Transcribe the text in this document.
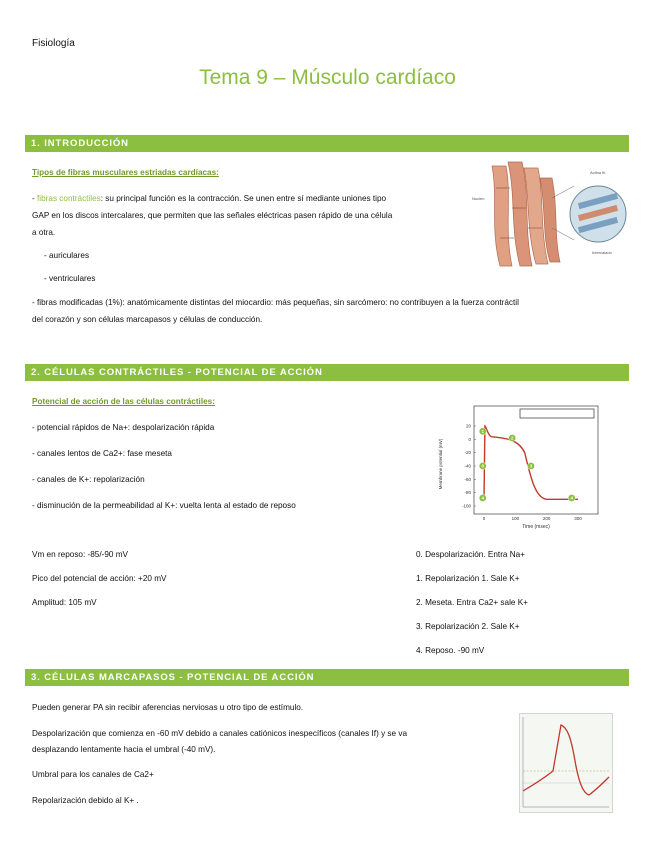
Fisiología
Tema 9 – Músculo cardíaco
1. INTRODUCCIÓN
Tipos de fibras musculares estriadas cardíacas:
- fibras contráctiles: su principal función es la contracción. Se unen entre sí mediante uniones tipo
GAP en los discos intercalares, que permiten que las señales eléctricas pasen rápido de una célula
a otra.
- auriculares
- ventriculares
- fibras modificadas (1%): anatómicamente distintas del miocardio: más pequeñas, sin sarcómero: no contribuyen a la fuerza contráctil
del corazón y son células marcapasos y células de conducción.
Nucleo
Actina fil.
Intercalado
2. CÉLULAS CONTRÁCTILES - POTENCIAL DE ACCIÓN
Potencial de acción de las células contráctiles:
- potencial rápidos de Na+: despolarización rápida
- canales lentos de Ca2+: fase meseta
- canales de K+: repolarización
- disminución de la permeabilidad al K+: vuelta lenta al estado de reposo
20
0
-20
-40
-60
-80
-100
0	100	200	300
1
2
0	3
4	4
Membrane potential (mV)
Time (msec)
Vm en reposo: -85/-90 mV
Pico del potencial de acción: +20 mV
Amplitud: 105 mV
0. Despolarización. Entra Na+
1. Repolarización 1. Sale K+
2. Meseta. Entra Ca2+ sale K+
3. Repolarización 2. Sale K+
4. Reposo. -90 mV
3. CÉLULAS MARCAPASOS - POTENCIAL DE ACCIÓN
Pueden generar PA sin recibir aferencias nerviosas u otro tipo de estímulo.
Despolarización que comienza en -60 mV debido a canales catiónicos inespecíficos (canales If) y se va
desplazando lentamente hacia el umbral (-40 mV).
Umbral para los canales de Ca2+
Repolarización debido al K+ .
